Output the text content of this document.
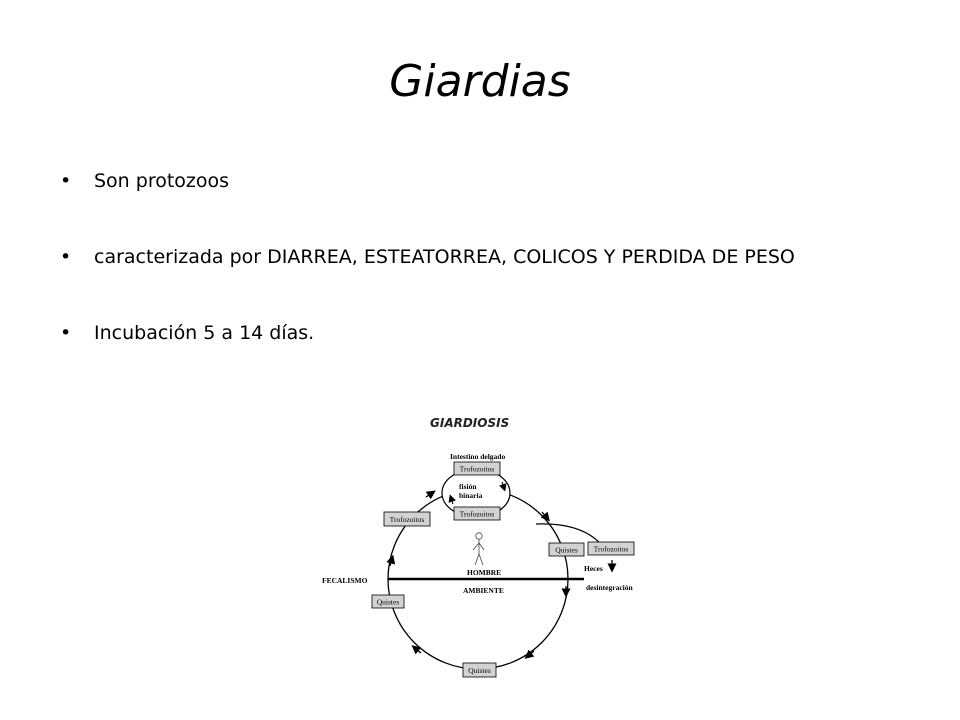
Giardias
• Son protozoos
• caracterizada por DIARREA, ESTEATORREA, COLICOS Y PERDIDA DE PESO
• Incubación 5 a 14 días.
GIARDIOSIS
Intestino delgado
fisión
binaria
HOMBRE
AMBIENTE
FECALISMO
Heces
desintegración
Trofozoitos
Trofozoitos
Trofozoitos
Quistes Trofozoitos
Quistes
Quistes
